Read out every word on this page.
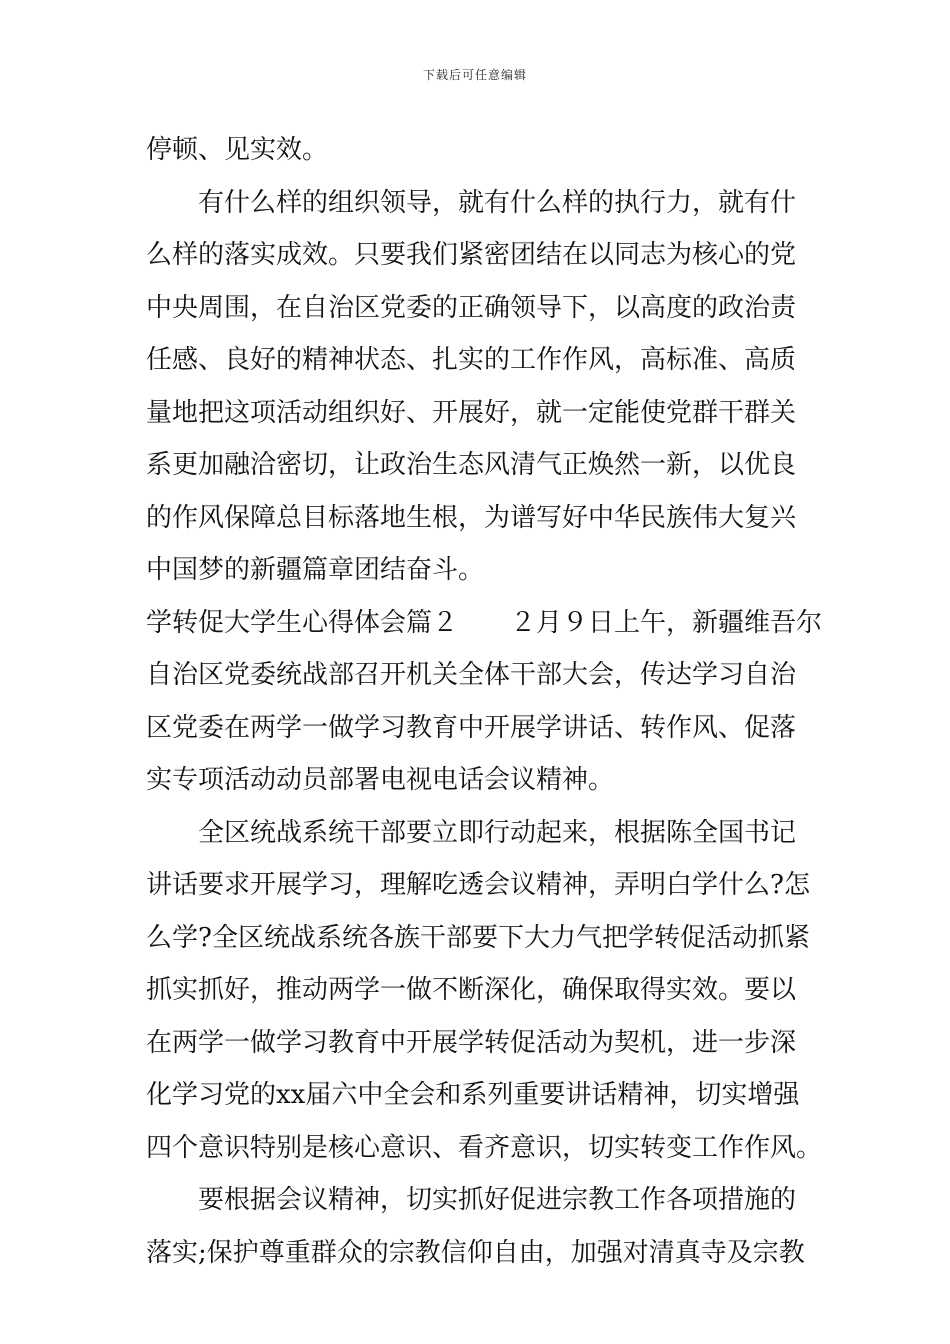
下载后可任意编辑
停顿、见实效。
有什么样的组织领导，就有什么样的执行力，就有什
么样的落实成效。只要我们紧密团结在以同志为核心的党
中央周围，在自治区党委的正确领导下，以高度的政治责
任感、良好的精神状态、扎实的工作作风，高标准、高质
量地把这项活动组织好、开展好，就一定能使党群干群关
系更加融洽密切，让政治生态风清气正焕然一新，以优良
的作风保障总目标落地生根，为谱写好中华民族伟大复兴
中国梦的新疆篇章团结奋斗。
学转促大学生心得体会篇２　　２月９日上午，新疆维吾尔
自治区党委统战部召开机关全体干部大会，传达学习自治
区党委在两学一做学习教育中开展学讲话、转作风、促落
实专项活动动员部署电视电话会议精神。
全区统战系统干部要立即行动起来，根据陈全国书记
讲话要求开展学习，理解吃透会议精神，弄明白学什么?怎
么学?全区统战系统各族干部要下大力气把学转促活动抓紧
抓实抓好，推动两学一做不断深化，确保取得实效。要以
在两学一做学习教育中开展学转促活动为契机，进一步深
化学习党的xx届六中全会和系列重要讲话精神，切实增强
四个意识特别是核心意识、看齐意识，切实转变工作作风。
要根据会议精神，切实抓好促进宗教工作各项措施的
落实;保护尊重群众的宗教信仰自由，加强对清真寺及宗教
